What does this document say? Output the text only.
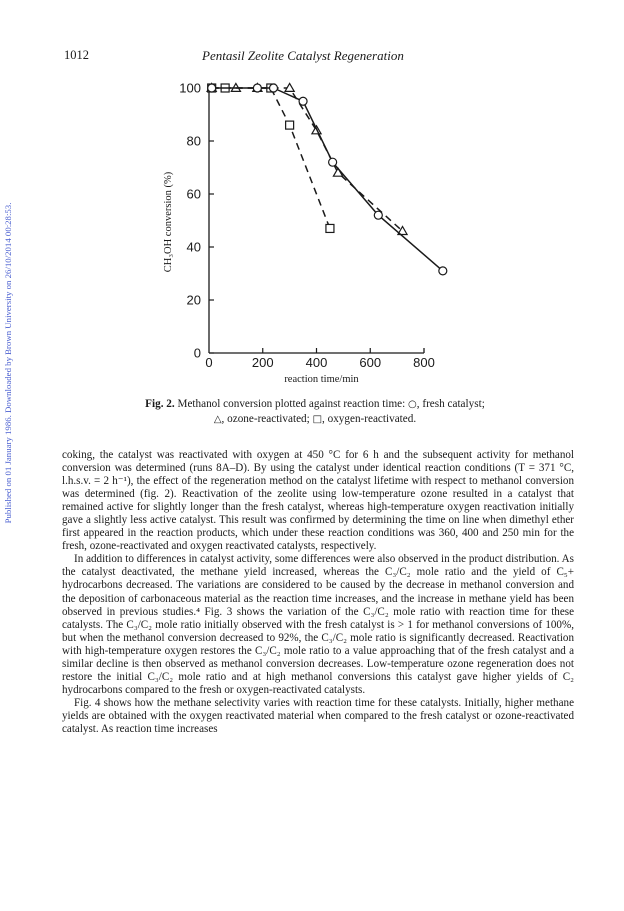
1012	Pentasil Zeolite Catalyst Regeneration
Published on 01 January 1986. Downloaded by Brown University on 26/10/2014 00:28:53.	0
20
40
60
80
100
0	200 400 600 800
reaction time/min
CH₃OH conversion (%)
Fig. 2. Methanol conversion plotted against reaction time: ○, fresh catalyst;
△, ozone-reactivated; □, oxygen-reactivated.

coking, the catalyst was reactivated with oxygen at 450 °C for 6 h and the subsequent activity for methanol conversion was determined (runs 8A–D). By using the catalyst under identical reaction conditions (T = 371 °C, l.h.s.v. = 2 h⁻¹), the effect of the regeneration method on the catalyst lifetime with respect to methanol conversion was determined (fig. 2). Reactivation of the zeolite using low-temperature ozone resulted in a catalyst that remained active for slightly longer than the fresh catalyst, whereas high-temperature oxygen reactivation initially gave a slightly less active catalyst. This result was confirmed by determining the time on line when dimethyl ether first appeared in the reaction products, which under these reaction conditions was 360, 400 and 250 min for the fresh, ozone-reactivated and oxygen reactivated catalysts, respectively.

In addition to differences in catalyst activity, some differences were also observed in the product distribution. As the catalyst deactivated, the methane yield increased, whereas the C₃/C₂ mole ratio and the yield of C₅+ hydrocarbons decreased. The variations are considered to be caused by the decrease in methanol conversion and the deposition of carbonaceous material as the reaction time increases, and the increase in methane yield has been observed in previous studies.⁴ Fig. 3 shows the variation of the C₃/C₂ mole ratio with reaction time for these catalysts. The C₃/C₂ mole ratio initially observed with the fresh catalyst is > 1 for methanol conversions of 100%, but when the methanol conversion decreased to 92%, the C₃/C₂ mole ratio is significantly decreased. Reactivation with high-temperature oxygen restores the C₃/C₂ mole ratio to a value approaching that of the fresh catalyst and a similar decline is then observed as methanol conversion decreases. Low-temperature ozone regeneration does not restore the initial C₃/C₂ mole ratio and at high methanol conversions this catalyst gave higher yields of C₂ hydrocarbons compared to the fresh or oxygen-reactivated catalysts.

Fig. 4 shows how the methane selectivity varies with reaction time for these catalysts. Initially, higher methane yields are obtained with the oxygen reactivated material when compared to the fresh catalyst or ozone-reactivated catalyst. As reaction time increases
